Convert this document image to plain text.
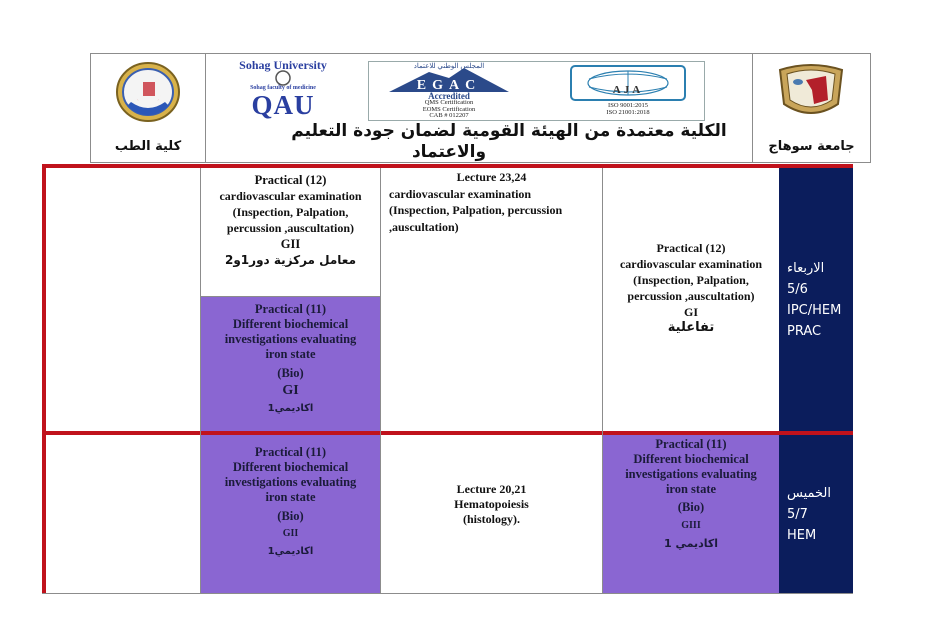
كلية الطب
Sohag University
Sohag faculty of medicine
QAU
المجلس الوطني للاعتماد
EGAC
Accredited
QMS Certification
EOMS Certification
CAB # 012207
AJA
ISO 9001:2015
ISO 21001:2018
الكلية معتمدة من الهيئة القومية لضمان جودة التعليم
والاعتماد	جامعة سوهاج
Practical (12)
cardiovascular examination
(Inspection, Palpation,
percussion ,auscultation)
GII
معامل مركزية دور1و2
Practical (11)
Different biochemical
investigations evaluating
iron state
(Bio)
GI
اكاديمي1
Lecture 23,24
cardiovascular examination
(Inspection, Palpation, percussion
,auscultation)
Practical (12)
cardiovascular examination
(Inspection, Palpation,
percussion ,auscultation)
GI
تفاعلية
الاربعاء
5/6
IPC/HEM
PRAC
Practical (11)
Different biochemical
investigations evaluating
iron state
(Bio)
GII
اكاديمي1
Lecture 20,21
Hematopoiesis
(histology).
Practical (11)
Different biochemical
investigations evaluating
iron state
(Bio)
GIII
اكاديمي 1
الخميس
5/7
HEM
